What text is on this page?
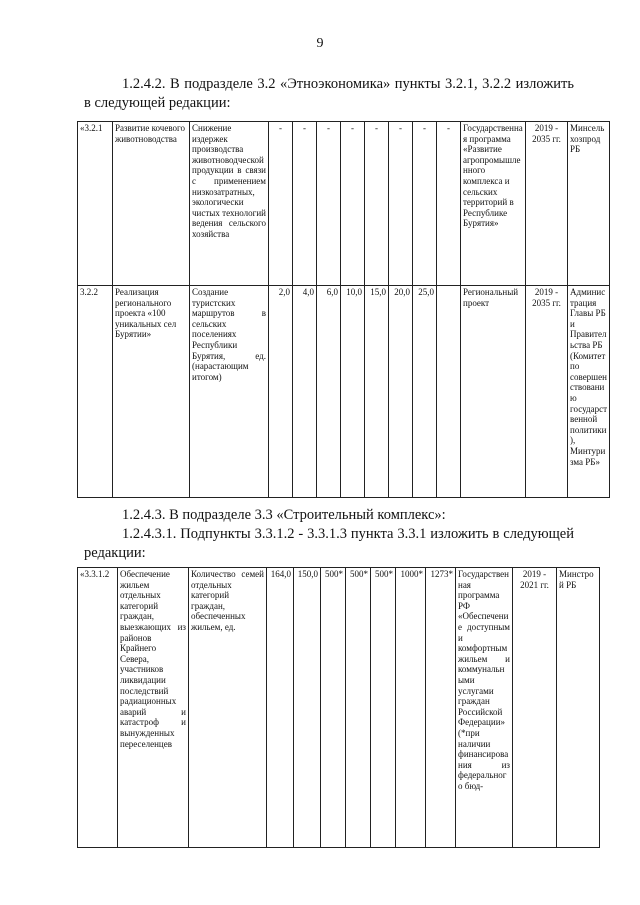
9
1.2.4.2. В подразделе 3.2 «Этноэкономика» пункты 3.2.1, 3.2.2 изложить в следующей редакции:
«3.2.1	Развитие кочевого животноводства	Снижение издержек производства животноводческой продукции в связи с применением низкозатратных, экологически чистых технологий ведения сельского хозяйства	-	-	-	-	-	-	-	-	Государственная программа «Развитие агропромышленного комплекса и сельских территорий в Республике Бурятия»	2019 - 2035 гг.	Минсельхозпрод РБ
3.2.2	Реализация регионального проекта «100 уникальных сел Бурятии»	Создание туристских маршрутов в сельских поселениях Республики Бурятия, ед. (нарастающим итогом)	2,0	4,0	6,0	10,0	15,0	20,0	25,0		Региональный проект	2019 - 2035 гг.	Администрация Главы РБ и Правительства РБ (Комитет по совершенствованию государственной политики), Минтуризма РБ»
1.2.4.3. В подразделе 3.3 «Строительный комплекс»:
1.2.4.3.1. Подпункты 3.3.1.2 - 3.3.1.3 пункта 3.3.1 изложить в следующей редакции:
«3.3.1.2	Обеспечение жильем отдельных категорий граждан, выезжающих из районов Крайнего Севера, участников ликвидации последствий радиационных аварий и катастроф и вынужденных переселенцев	Количество семей отдельных категорий граждан, обеспеченных жильем, ед.	164,0	150,0	500*	500*	500*	1000*	1273*	Государственная программа РФ «Обеспечение доступным и комфортным жильем и коммунальными услугами граждан Российской Федерации» (*при наличии финансирования из федерального бюд-	2019 - 2021 гг.	Минстрой РБ
